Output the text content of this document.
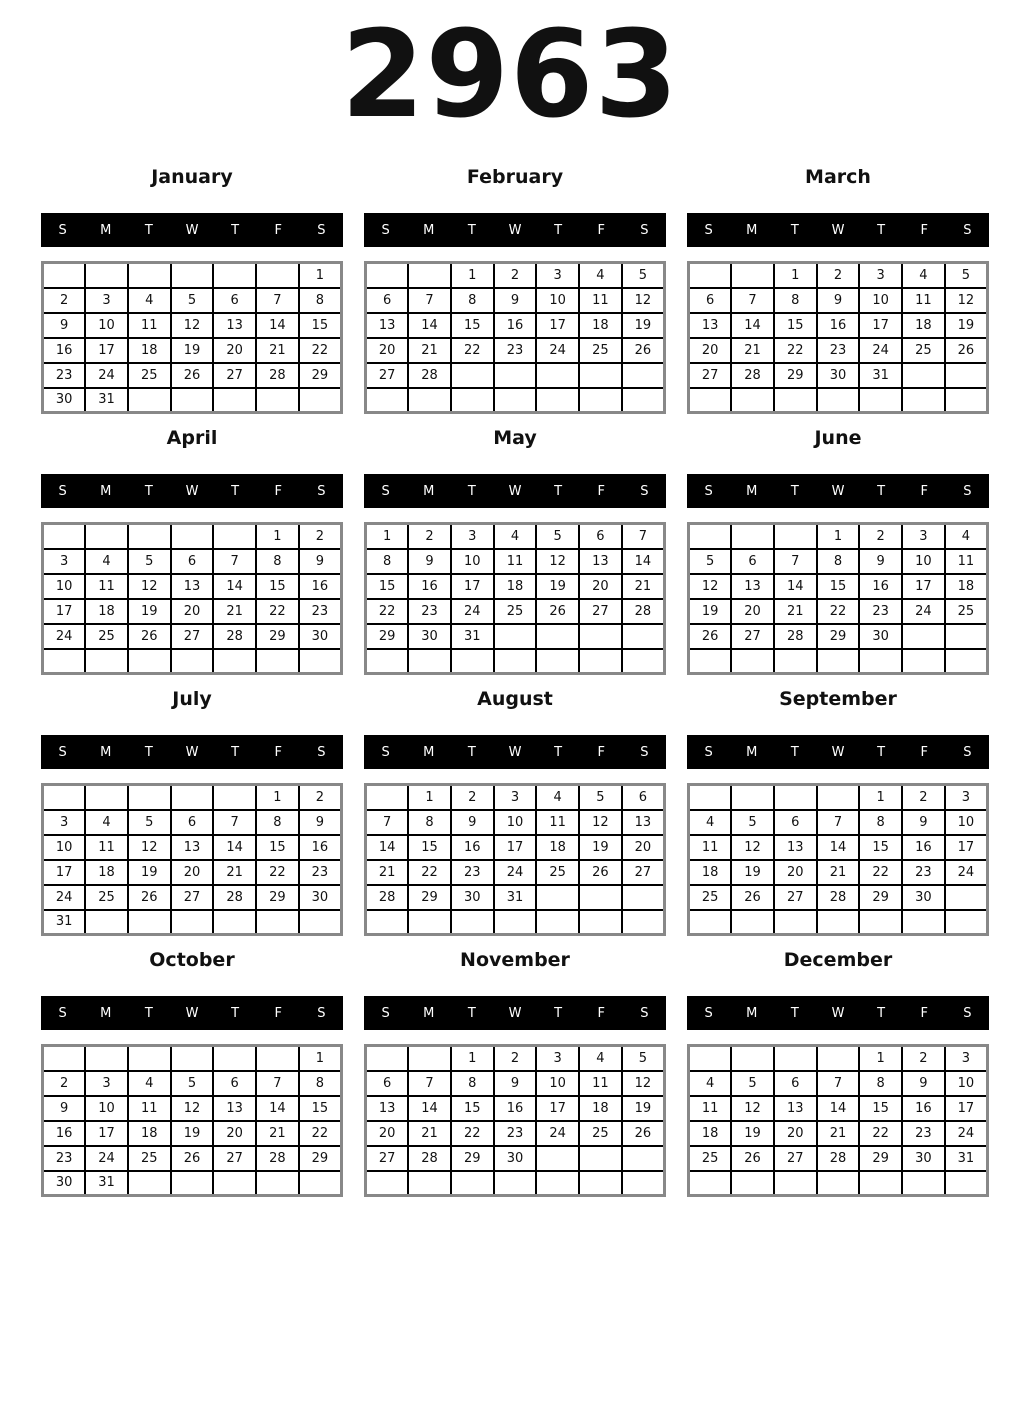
2963
January
S	M	T	W	T	F	S
						1
2	3	4	5	6	7	8
9	10	11	12	13	14	15
16	17	18	19	20	21	22
23	24	25	26	27	28	29
30	31					
February
S	M	T	W	T	F	S
		1	2	3	4	5
6	7	8	9	10	11	12
13	14	15	16	17	18	19
20	21	22	23	24	25	26
27	28					

March
S	M	T	W	T	F	S
		1	2	3	4	5
6	7	8	9	10	11	12
13	14	15	16	17	18	19
20	21	22	23	24	25	26
27	28	29	30	31		

April
S	M	T	W	T	F	S
					1	2
3	4	5	6	7	8	9
10	11	12	13	14	15	16
17	18	19	20	21	22	23
24	25	26	27	28	29	30

May
S	M	T	W	T	F	S
1	2	3	4	5	6	7
8	9	10	11	12	13	14
15	16	17	18	19	20	21
22	23	24	25	26	27	28
29	30	31				

June
S	M	T	W	T	F	S
			1	2	3	4
5	6	7	8	9	10	11
12	13	14	15	16	17	18
19	20	21	22	23	24	25
26	27	28	29	30		

July
S	M	T	W	T	F	S
					1	2
3	4	5	6	7	8	9
10	11	12	13	14	15	16
17	18	19	20	21	22	23
24	25	26	27	28	29	30
31						
August
S	M	T	W	T	F	S
	1	2	3	4	5	6
7	8	9	10	11	12	13
14	15	16	17	18	19	20
21	22	23	24	25	26	27
28	29	30	31			

September
S	M	T	W	T	F	S
				1	2	3
4	5	6	7	8	9	10
11	12	13	14	15	16	17
18	19	20	21	22	23	24
25	26	27	28	29	30	

October
S	M	T	W	T	F	S
						1
2	3	4	5	6	7	8
9	10	11	12	13	14	15
16	17	18	19	20	21	22
23	24	25	26	27	28	29
30	31					
November
S	M	T	W	T	F	S
		1	2	3	4	5
6	7	8	9	10	11	12
13	14	15	16	17	18	19
20	21	22	23	24	25	26
27	28	29	30			

December
S	M	T	W	T	F	S
				1	2	3
4	5	6	7	8	9	10
11	12	13	14	15	16	17
18	19	20	21	22	23	24
25	26	27	28	29	30	31
